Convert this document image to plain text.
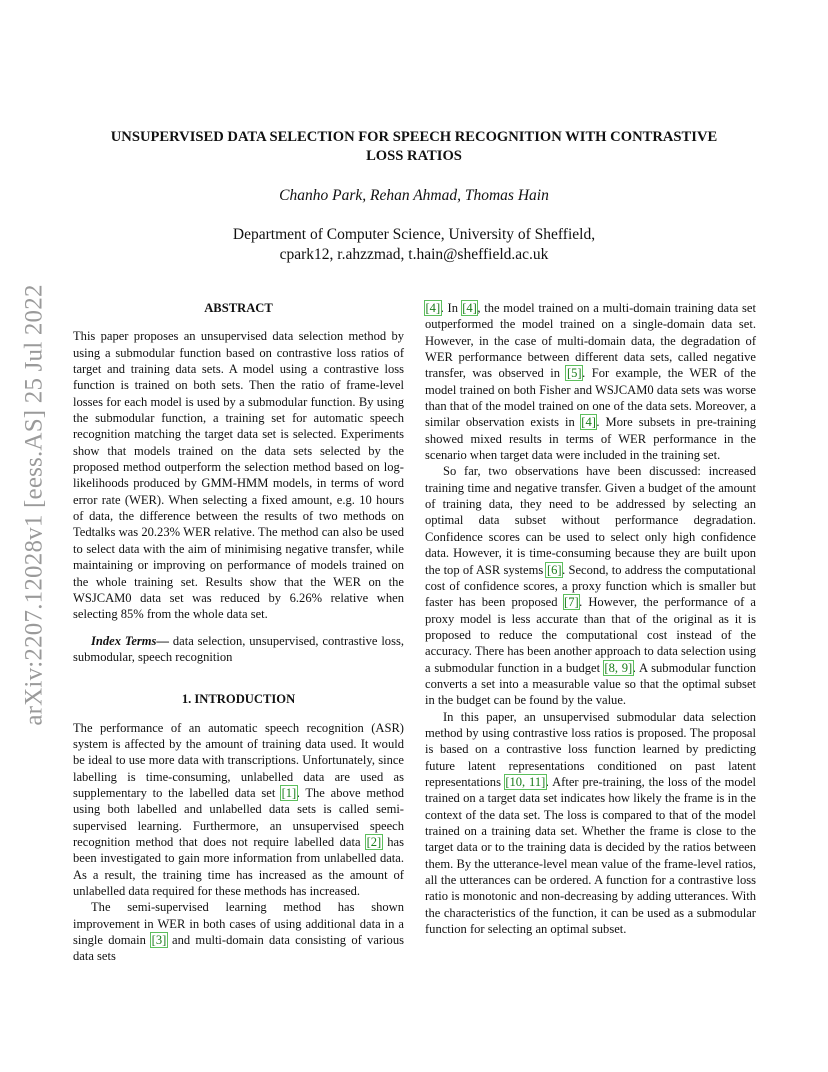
arXiv:2207.12028v1 [eess.AS] 25 Jul 2022
UNSUPERVISED DATA SELECTION FOR SPEECH RECOGNITION WITH CONTRASTIVE
LOSS RATIOS
Chanho Park, Rehan Ahmad, Thomas Hain
Department of Computer Science, University of Sheffield,
cpark12, r.ahzzmad, t.hain@sheffield.ac.uk
ABSTRACT

This paper proposes an unsupervised data selection method by using a submodular function based on contrastive loss ratios of target and training data sets. A model using a contrastive loss function is trained on both sets. Then the ratio of frame-level losses for each model is used by a submodular function. By using the submodular function, a training set for automatic speech recognition matching the target data set is selected. Experiments show that models trained on the data sets selected by the proposed method outperform the selection method based on log-likelihoods produced by GMM-HMM models, in terms of word error rate (WER). When selecting a fixed amount, e.g. 10 hours of data, the difference between the results of two methods on Tedtalks was 20.23% WER relative. The method can also be used to select data with the aim of minimising negative transfer, while maintaining or improving on performance of models trained on the whole training set. Results show that the WER on the WSJCAM0 data set was reduced by 6.26% relative when selecting 85% from the whole data set.

Index Terms— data selection, unsupervised, contrastive loss, submodular, speech recognition

1. INTRODUCTION

The performance of an automatic speech recognition (ASR) system is affected by the amount of training data used. It would be ideal to use more data with transcriptions. Unfortunately, since labelling is time-consuming, unlabelled data are used as supplementary to the labelled data set [1]. The above method using both labelled and unlabelled data sets is called semi-supervised learning. Furthermore, an unsupervised speech recognition method that does not require labelled data [2] has been investigated to gain more information from unlabelled data. As a result, the training time has increased as the amount of unlabelled data required for these methods has increased.

The semi-supervised learning method has shown improvement in WER in both cases of using additional data in a single domain [3] and multi-domain data consisting of various data sets

[4]. In [4], the model trained on a multi-domain training data set outperformed the model trained on a single-domain data set. However, in the case of multi-domain data, the degradation of WER performance between different data sets, called negative transfer, was observed in [5]. For example, the WER of the model trained on both Fisher and WSJCAM0 data sets was worse than that of the model trained on one of the data sets. Moreover, a similar observation exists in [4]. More subsets in pre-training showed mixed results in terms of WER performance in the scenario when target data were included in the training set.

So far, two observations have been discussed: increased training time and negative transfer. Given a budget of the amount of training data, they need to be addressed by selecting an optimal data subset without performance degradation. Confidence scores can be used to select only high confidence data. However, it is time-consuming because they are built upon the top of ASR systems [6]. Second, to address the computational cost of confidence scores, a proxy function which is smaller but faster has been proposed [7]. However, the performance of a proxy model is less accurate than that of the original as it is proposed to reduce the computational cost instead of the accuracy. There has been another approach to data selection using a submodular function in a budget [8, 9]. A submodular function converts a set into a measurable value so that the optimal subset in the budget can be found by the value.

In this paper, an unsupervised submodular data selection method by using contrastive loss ratios is proposed. The proposal is based on a contrastive loss function learned by predicting future latent representations conditioned on past latent representations [10, 11]. After pre-training, the loss of the model trained on a target data set indicates how likely the frame is in the context of the data set. The loss is compared to that of the model trained on a training data set. Whether the frame is close to the target data or to the training data is decided by the ratios between them. By the utterance-level mean value of the frame-level ratios, all the utterances can be ordered. A function for a contrastive loss ratio is monotonic and non-decreasing by adding utterances. With the characteristics of the function, it can be used as a submodular function for selecting an optimal subset.
